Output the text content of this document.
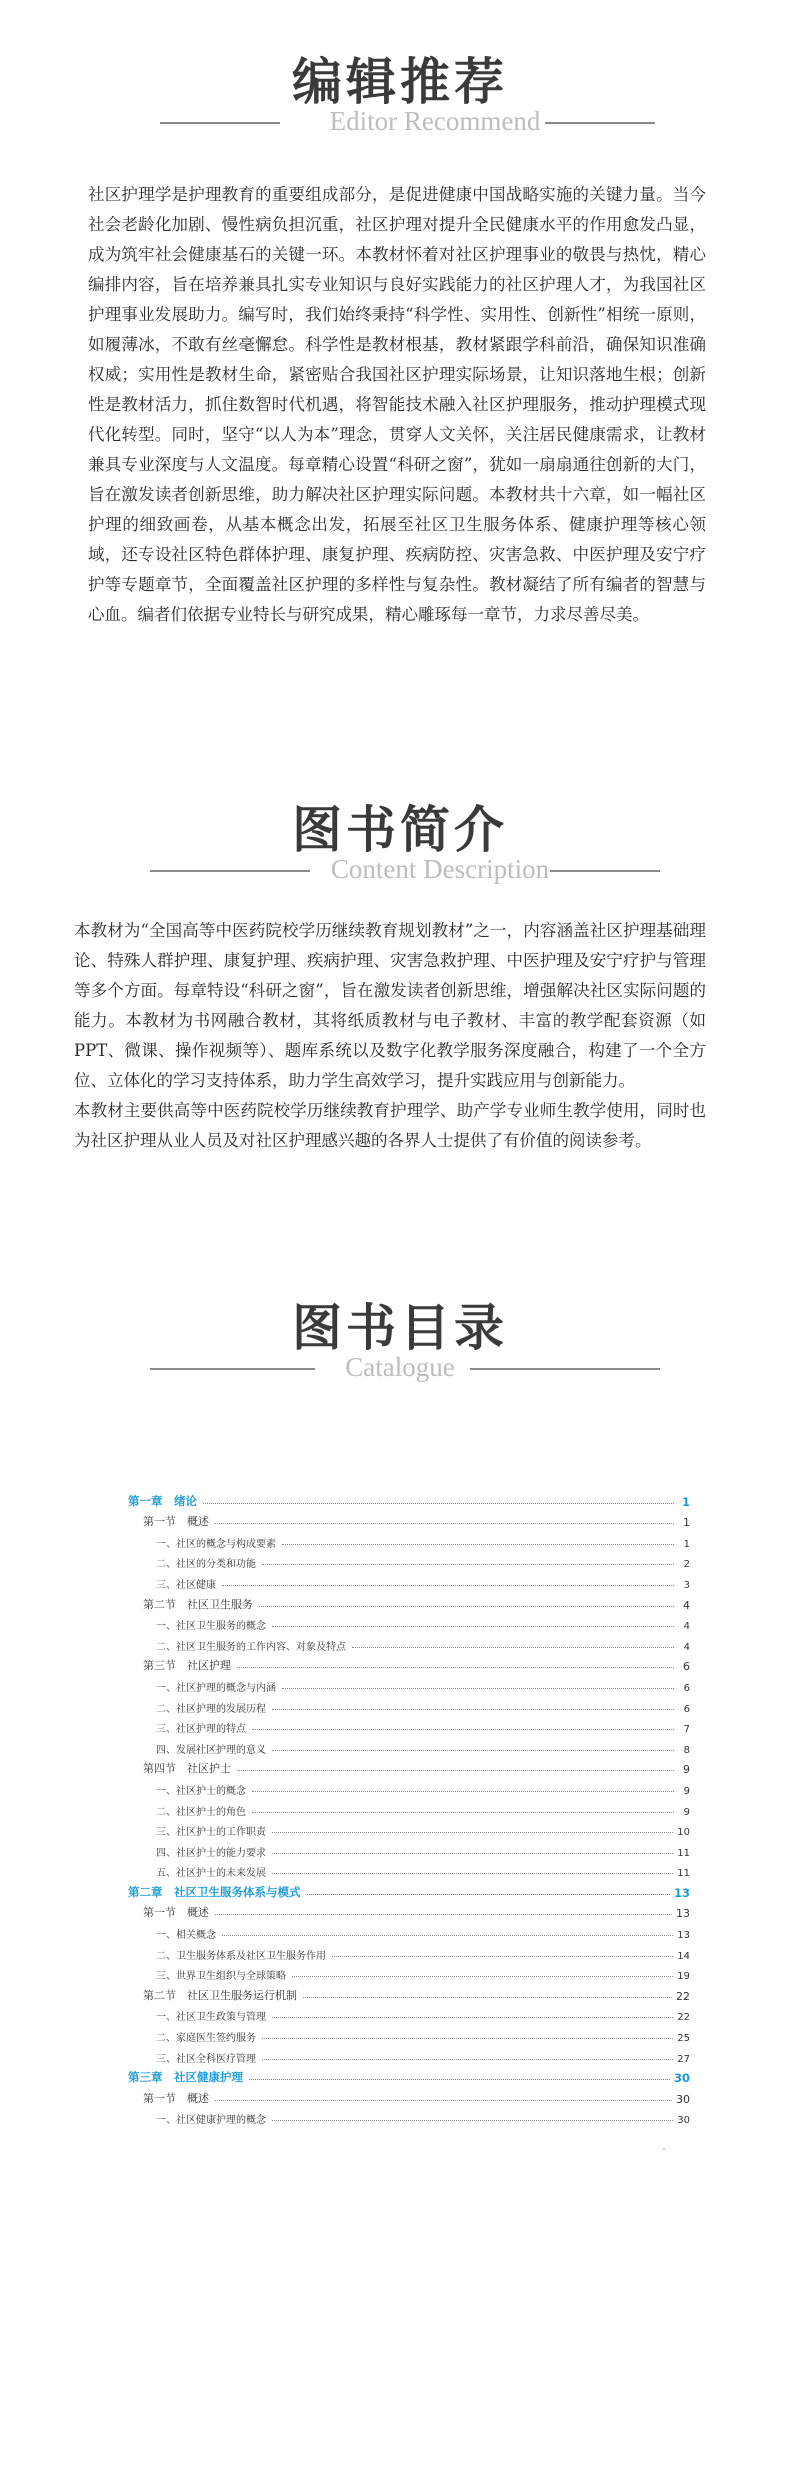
编辑推荐
Editor Recommend

社区护理学是护理教育的重要组成部分，是促进健康中国战略实施的关键力量。当今社会老龄化加剧、慢性病负担沉重，社区护理对提升全民健康水平的作用愈发凸显，成为筑牢社会健康基石的关键一环。本教材怀着对社区护理事业的敬畏与热忱，精心编排内容，旨在培养兼具扎实专业知识与良好实践能力的社区护理人才，为我国社区护理事业发展助力。编写时，我们始终秉持“科学性、实用性、创新性”相统一原则，如履薄冰，不敢有丝毫懈怠。科学性是教材根基，教材紧跟学科前沿，确保知识准确权威；实用性是教材生命，紧密贴合我国社区护理实际场景，让知识落地生根；创新性是教材活力，抓住数智时代机遇，将智能技术融入社区护理服务，推动护理模式现代化转型。同时，坚守“以人为本”理念，贯穿人文关怀，关注居民健康需求，让教材兼具专业深度与人文温度。每章精心设置“科研之窗”，犹如一扇扇通往创新的大门，旨在激发读者创新思维，助力解决社区护理实际问题。本教材共十六章，如一幅社区护理的细致画卷，从基本概念出发，拓展至社区卫生服务体系、健康护理等核心领域，还专设社区特色群体护理、康复护理、疾病防控、灾害急救、中医护理及安宁疗护等专题章节，全面覆盖社区护理的多样性与复杂性。教材凝结了所有编者的智慧与心血。编者们依据专业特长与研究成果，精心雕琢每一章节，力求尽善尽美。

图书简介
Content Description

本教材为“全国高等中医药院校学历继续教育规划教材”之一，内容涵盖社区护理基础理论、特殊人群护理、康复护理、疾病护理、灾害急救护理、中医护理及安宁疗护与管理等多个方面。每章特设“科研之窗”，旨在激发读者创新思维，增强解决社区实际问题的能力。本教材为书网融合教材，其将纸质教材与电子教材、丰富的教学配套资源（如PPT、微课、操作视频等）、题库系统以及数字化教学服务深度融合，构建了一个全方位、立体化的学习支持体系，助力学生高效学习，提升实践应用与创新能力。

本教材主要供高等中医药院校学历继续教育护理学、助产学专业师生教学使用，同时也为社区护理从业人员及对社区护理感兴趣的各界人士提供了有价值的阅读参考。

图书目录
Catalogue
第一章　绪论	1
第一节　概述	1
一、社区的概念与构成要素	1
二、社区的分类和功能	2
三、社区健康	3
第二节　社区卫生服务	4
一、社区卫生服务的概念	4
二、社区卫生服务的工作内容、对象及特点	4
第三节　社区护理	6
一、社区护理的概念与内涵	6
二、社区护理的发展历程	6
三、社区护理的特点	7
四、发展社区护理的意义	8
第四节　社区护士	9
一、社区护士的概念	9
二、社区护士的角色	9
三、社区护士的工作职责	10
四、社区护士的能力要求	11
五、社区护士的未来发展	11
第二章　社区卫生服务体系与模式	13
第一节　概述	13
一、相关概念	13
二、卫生服务体系及社区卫生服务作用	14
三、世界卫生组织与全球策略	19
第二节　社区卫生服务运行机制	22
一、社区卫生政策与管理	22
二、家庭医生签约服务	25
三、社区全科医疗管理	27
第三章　社区健康护理	30
第一节　概述	30
一、社区健康护理的概念	30
